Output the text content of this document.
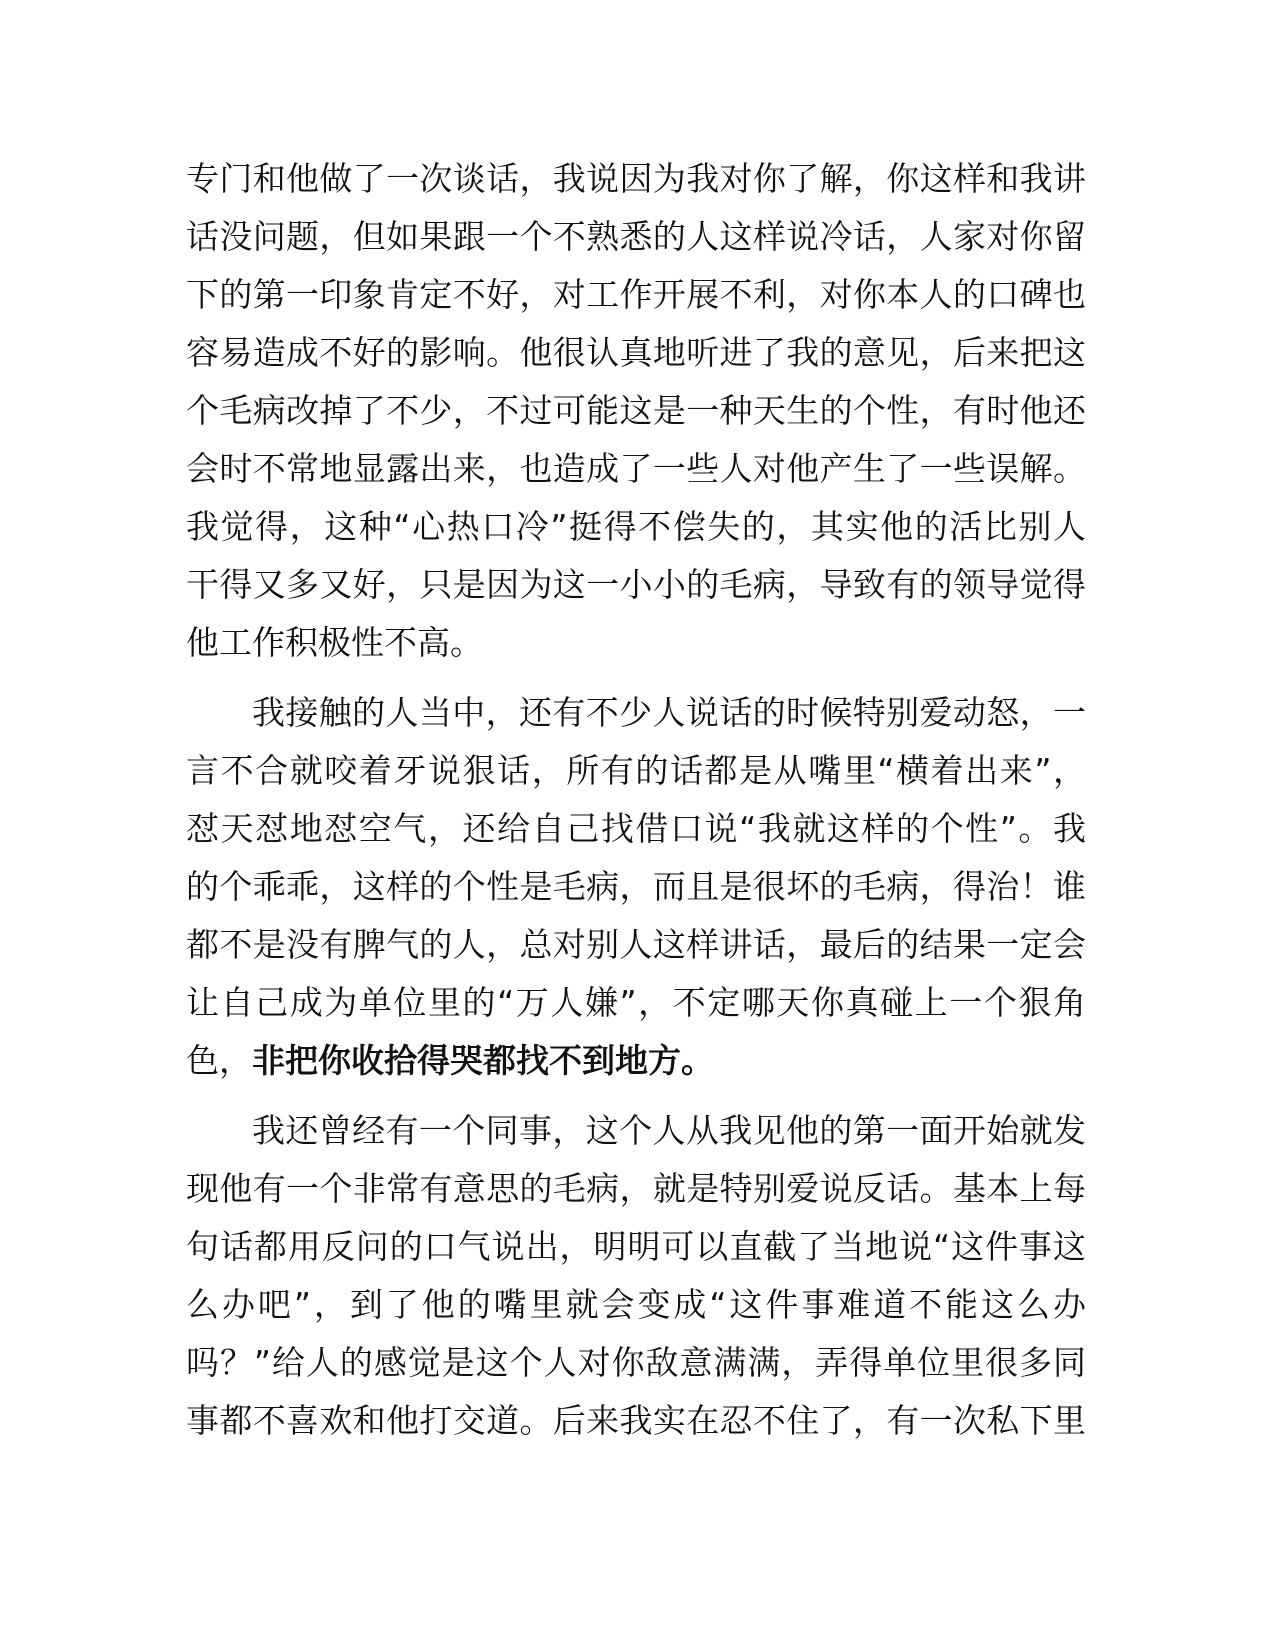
专门和他做了一次谈话，我说因为我对你了解，你这样和我讲
话没问题，但如果跟一个不熟悉的人这样说冷话，人家对你留
下的第一印象肯定不好，对工作开展不利，对你本人的口碑也
容易造成不好的影响。他很认真地听进了我的意见，后来把这
个毛病改掉了不少，不过可能这是一种天生的个性，有时他还
会时不常地显露出来，也造成了一些人对他产生了一些误解。
我觉得，这种“心热口冷”挺得不偿失的，其实他的活比别人
干得又多又好，只是因为这一小小的毛病，导致有的领导觉得
他工作积极性不高。
我接触的人当中，还有不少人说话的时候特别爱动怒，一
言不合就咬着牙说狠话，所有的话都是从嘴里“横着出来”，
怼天怼地怼空气，还给自己找借口说“我就这样的个性”。我
的个乖乖，这样的个性是毛病，而且是很坏的毛病，得治！谁
都不是没有脾气的人，总对别人这样讲话，最后的结果一定会
让自己成为单位里的“万人嫌”，不定哪天你真碰上一个狠角
色，非把你收拾得哭都找不到地方。
我还曾经有一个同事，这个人从我见他的第一面开始就发
现他有一个非常有意思的毛病，就是特别爱说反话。基本上每
句话都用反问的口气说出，明明可以直截了当地说“这件事这
么办吧”，到了他的嘴里就会变成“这件事难道不能这么办
吗？”给人的感觉是这个人对你敌意满满，弄得单位里很多同
事都不喜欢和他打交道。后来我实在忍不住了，有一次私下里
